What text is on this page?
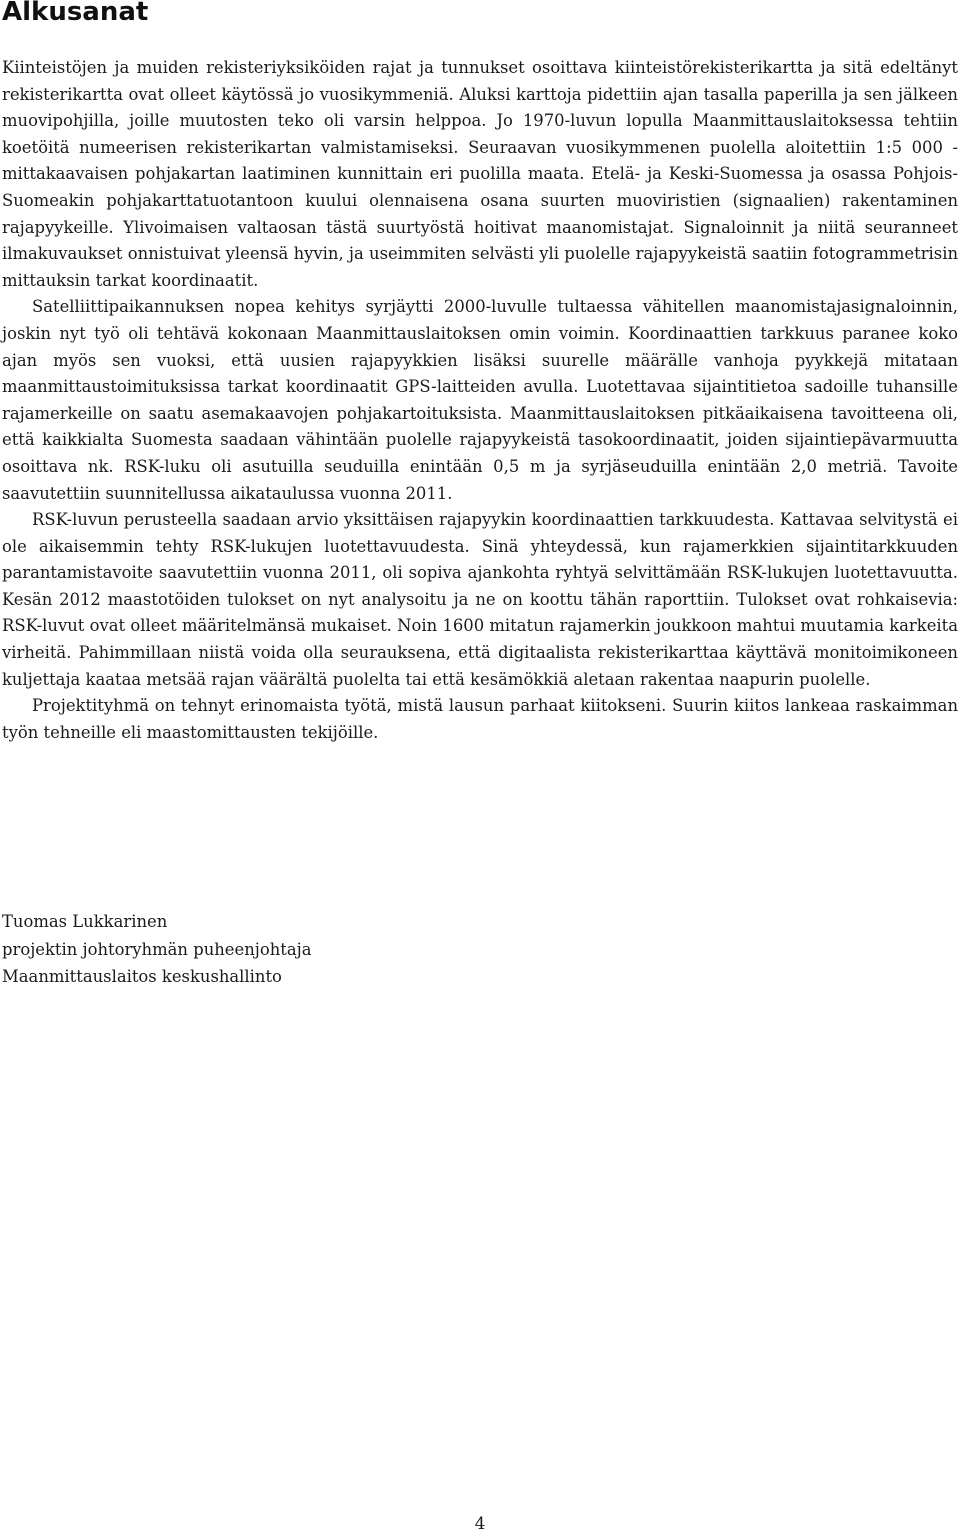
Alkusanat

Kiinteistöjen ja muiden rekisteriyksiköiden rajat ja tunnukset osoittava kiinteistörekisterikartta ja sitä edeltänyt rekisterikartta ovat olleet käytössä jo vuosikymmeniä. Aluksi karttoja pidettiin ajan tasalla paperilla ja sen jälkeen muovipohjilla, joille muutosten teko oli varsin helppoa. Jo 1970-luvun lopulla Maanmittauslaitoksessa tehtiin koetöitä numeerisen rekisterikartan valmistamiseksi. Seuraavan vuosikymmenen puolella aloitettiin 1:5 000 -mittakaavaisen pohjakartan laatiminen kunnittain eri puolilla maata. Etelä- ja Keski-Suomessa ja osassa Pohjois-Suomeakin pohjakarttatuotantoon kuului olennaisena osana suurten muoviristien (signaalien) rakentaminen rajapyykeille. Ylivoimaisen valtaosan tästä suurtyöstä hoitivat maanomistajat. Signaloinnit ja niitä seuranneet ilmakuvaukset onnistuivat yleensä hyvin, ja useimmiten selvästi yli puolelle rajapyykeistä saatiin fotogrammetrisin mittauksin tarkat koordinaatit.

Satelliittipaikannuksen nopea kehitys syrjäytti 2000-luvulle tultaessa vähitellen maanomistajasignaloinnin, joskin nyt työ oli tehtävä kokonaan Maanmittauslaitoksen omin voimin. Koordinaattien tarkkuus paranee koko ajan myös sen vuoksi, että uusien rajapyykkien lisäksi suurelle määrälle vanhoja pyykkejä mitataan maanmittaustoimituksissa tarkat koordinaatit GPS-laitteiden avulla. Luotettavaa sijaintitietoa sadoille tuhansille rajamerkeille on saatu asemakaavojen pohjakartoituksista. Maanmittauslaitoksen pitkäaikaisena tavoitteena oli, että kaikkialta Suomesta saadaan vähintään puolelle rajapyykeistä tasokoordinaatit, joiden sijaintiepävarmuutta osoittava nk. RSK-luku oli asutuilla seuduilla enintään 0,5 m ja syrjäseuduilla enintään 2,0 metriä. Tavoite saavutettiin suunnitellussa aikataulussa vuonna 2011.

RSK-luvun perusteella saadaan arvio yksittäisen rajapyykin koordinaattien tarkkuudesta. Kattavaa selvitystä ei ole aikaisemmin tehty RSK-lukujen luotettavuudesta. Sinä yhteydessä, kun rajamerkkien sijaintitarkkuuden parantamistavoite saavutettiin vuonna 2011, oli sopiva ajankohta ryhtyä selvittämään RSK-lukujen luotettavuutta. Kesän 2012 maastotöiden tulokset on nyt analysoitu ja ne on koottu tähän raporttiin. Tulokset ovat rohkaisevia: RSK-luvut ovat olleet määritelmänsä mukaiset. Noin 1600 mitatun rajamerkin joukkoon mahtui muutamia karkeita virheitä. Pahimmillaan niistä voida olla seurauksena, että digitaalista rekisterikarttaa käyttävä monitoimikoneen kuljettaja kaataa metsää rajan väärältä puolelta tai että kesämökkiä aletaan rakentaa naapurin puolelle.

Projektityhmä on tehnyt erinomaista työtä, mistä lausun parhaat kiitokseni. Suurin kiitos lankeaa raskaimman työn tehneille eli maastomittausten tekijöille.

Tuomas Lukkarinen
projektin johtoryhmän puheenjohtaja
Maanmittauslaitos keskushallinto
4
